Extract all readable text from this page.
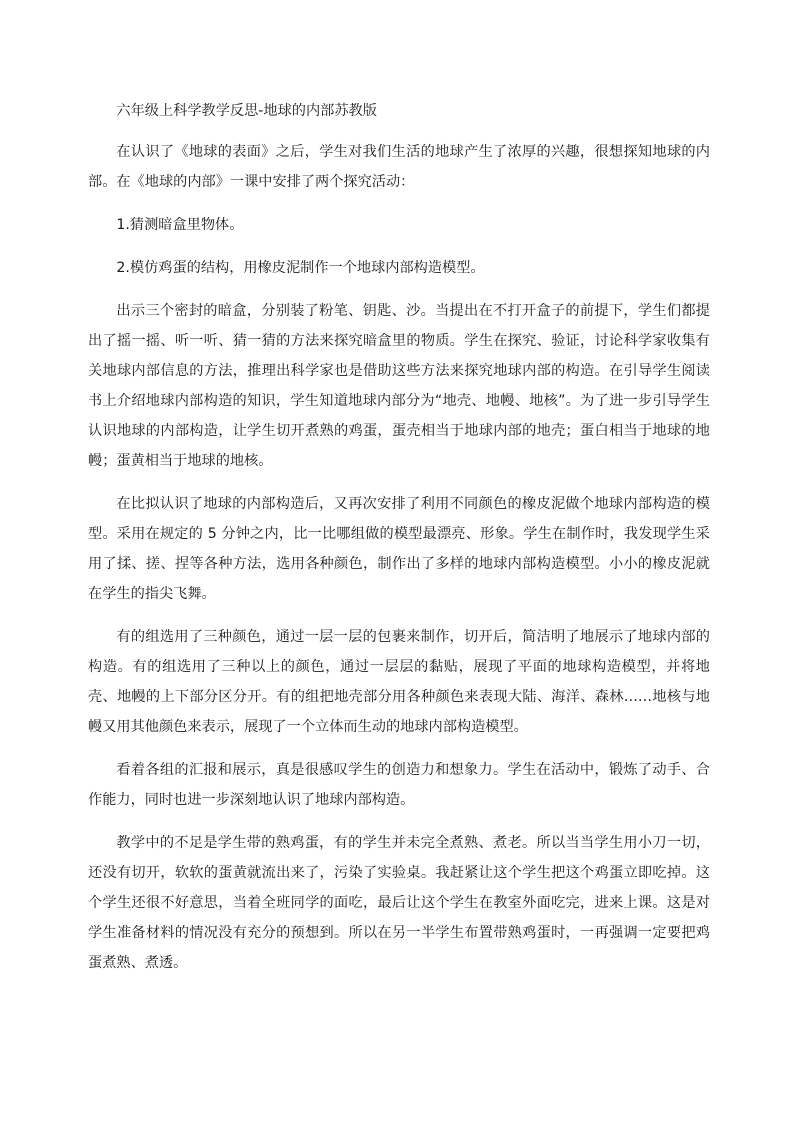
六年级上科学教学反思-地球的内部苏教版

在认识了《地球的表面》之后，学生对我们生活的地球产生了浓厚的兴趣，很想探知地球的内部。在《地球的内部》一课中安排了两个探究活动：

1.猜测暗盒里物体。

2.模仿鸡蛋的结构，用橡皮泥制作一个地球内部构造模型。

出示三个密封的暗盒，分别装了粉笔、钥匙、沙。当提出在不打开盒子的前提下，学生们都提出了摇一摇、听一听、猜一猜的方法来探究暗盒里的物质。学生在探究、验证，讨论科学家收集有关地球内部信息的方法，推理出科学家也是借助这些方法来探究地球内部的构造。在引导学生阅读书上介绍地球内部构造的知识，学生知道地球内部分为“地壳、地幔、地核”。为了进一步引导学生认识地球的内部构造，让学生切开煮熟的鸡蛋，蛋壳相当于地球内部的地壳；蛋白相当于地球的地幔；蛋黄相当于地球的地核。

在比拟认识了地球的内部构造后，又再次安排了利用不同颜色的橡皮泥做个地球内部构造的模型。采用在规定的 5 分钟之内，比一比哪组做的模型最漂亮、形象。学生在制作时，我发现学生采用了揉、搓、捏等各种方法，选用各种颜色，制作出了多样的地球内部构造模型。小小的橡皮泥就在学生的指尖飞舞。

有的组选用了三种颜色，通过一层一层的包裹来制作，切开后，简洁明了地展示了地球内部的构造。有的组选用了三种以上的颜色，通过一层层的黏贴，展现了平面的地球构造模型，并将地壳、地幔的上下部分区分开。有的组把地壳部分用各种颜色来表现大陆、海洋、森林……地核与地幔又用其他颜色来表示，展现了一个立体而生动的地球内部构造模型。

看着各组的汇报和展示，真是很感叹学生的创造力和想象力。学生在活动中，锻炼了动手、合作能力，同时也进一步深刻地认识了地球内部构造。

教学中的不足是学生带的熟鸡蛋，有的学生并未完全煮熟、煮老。所以当当学生用小刀一切，还没有切开，软软的蛋黄就流出来了，污染了实验桌。我赶紧让这个学生把这个鸡蛋立即吃掉。这个学生还很不好意思，当着全班同学的面吃，最后让这个学生在教室外面吃完，进来上课。这是对学生准备材料的情况没有充分的预想到。所以在另一半学生布置带熟鸡蛋时，一再强调一定要把鸡蛋煮熟、煮透。
